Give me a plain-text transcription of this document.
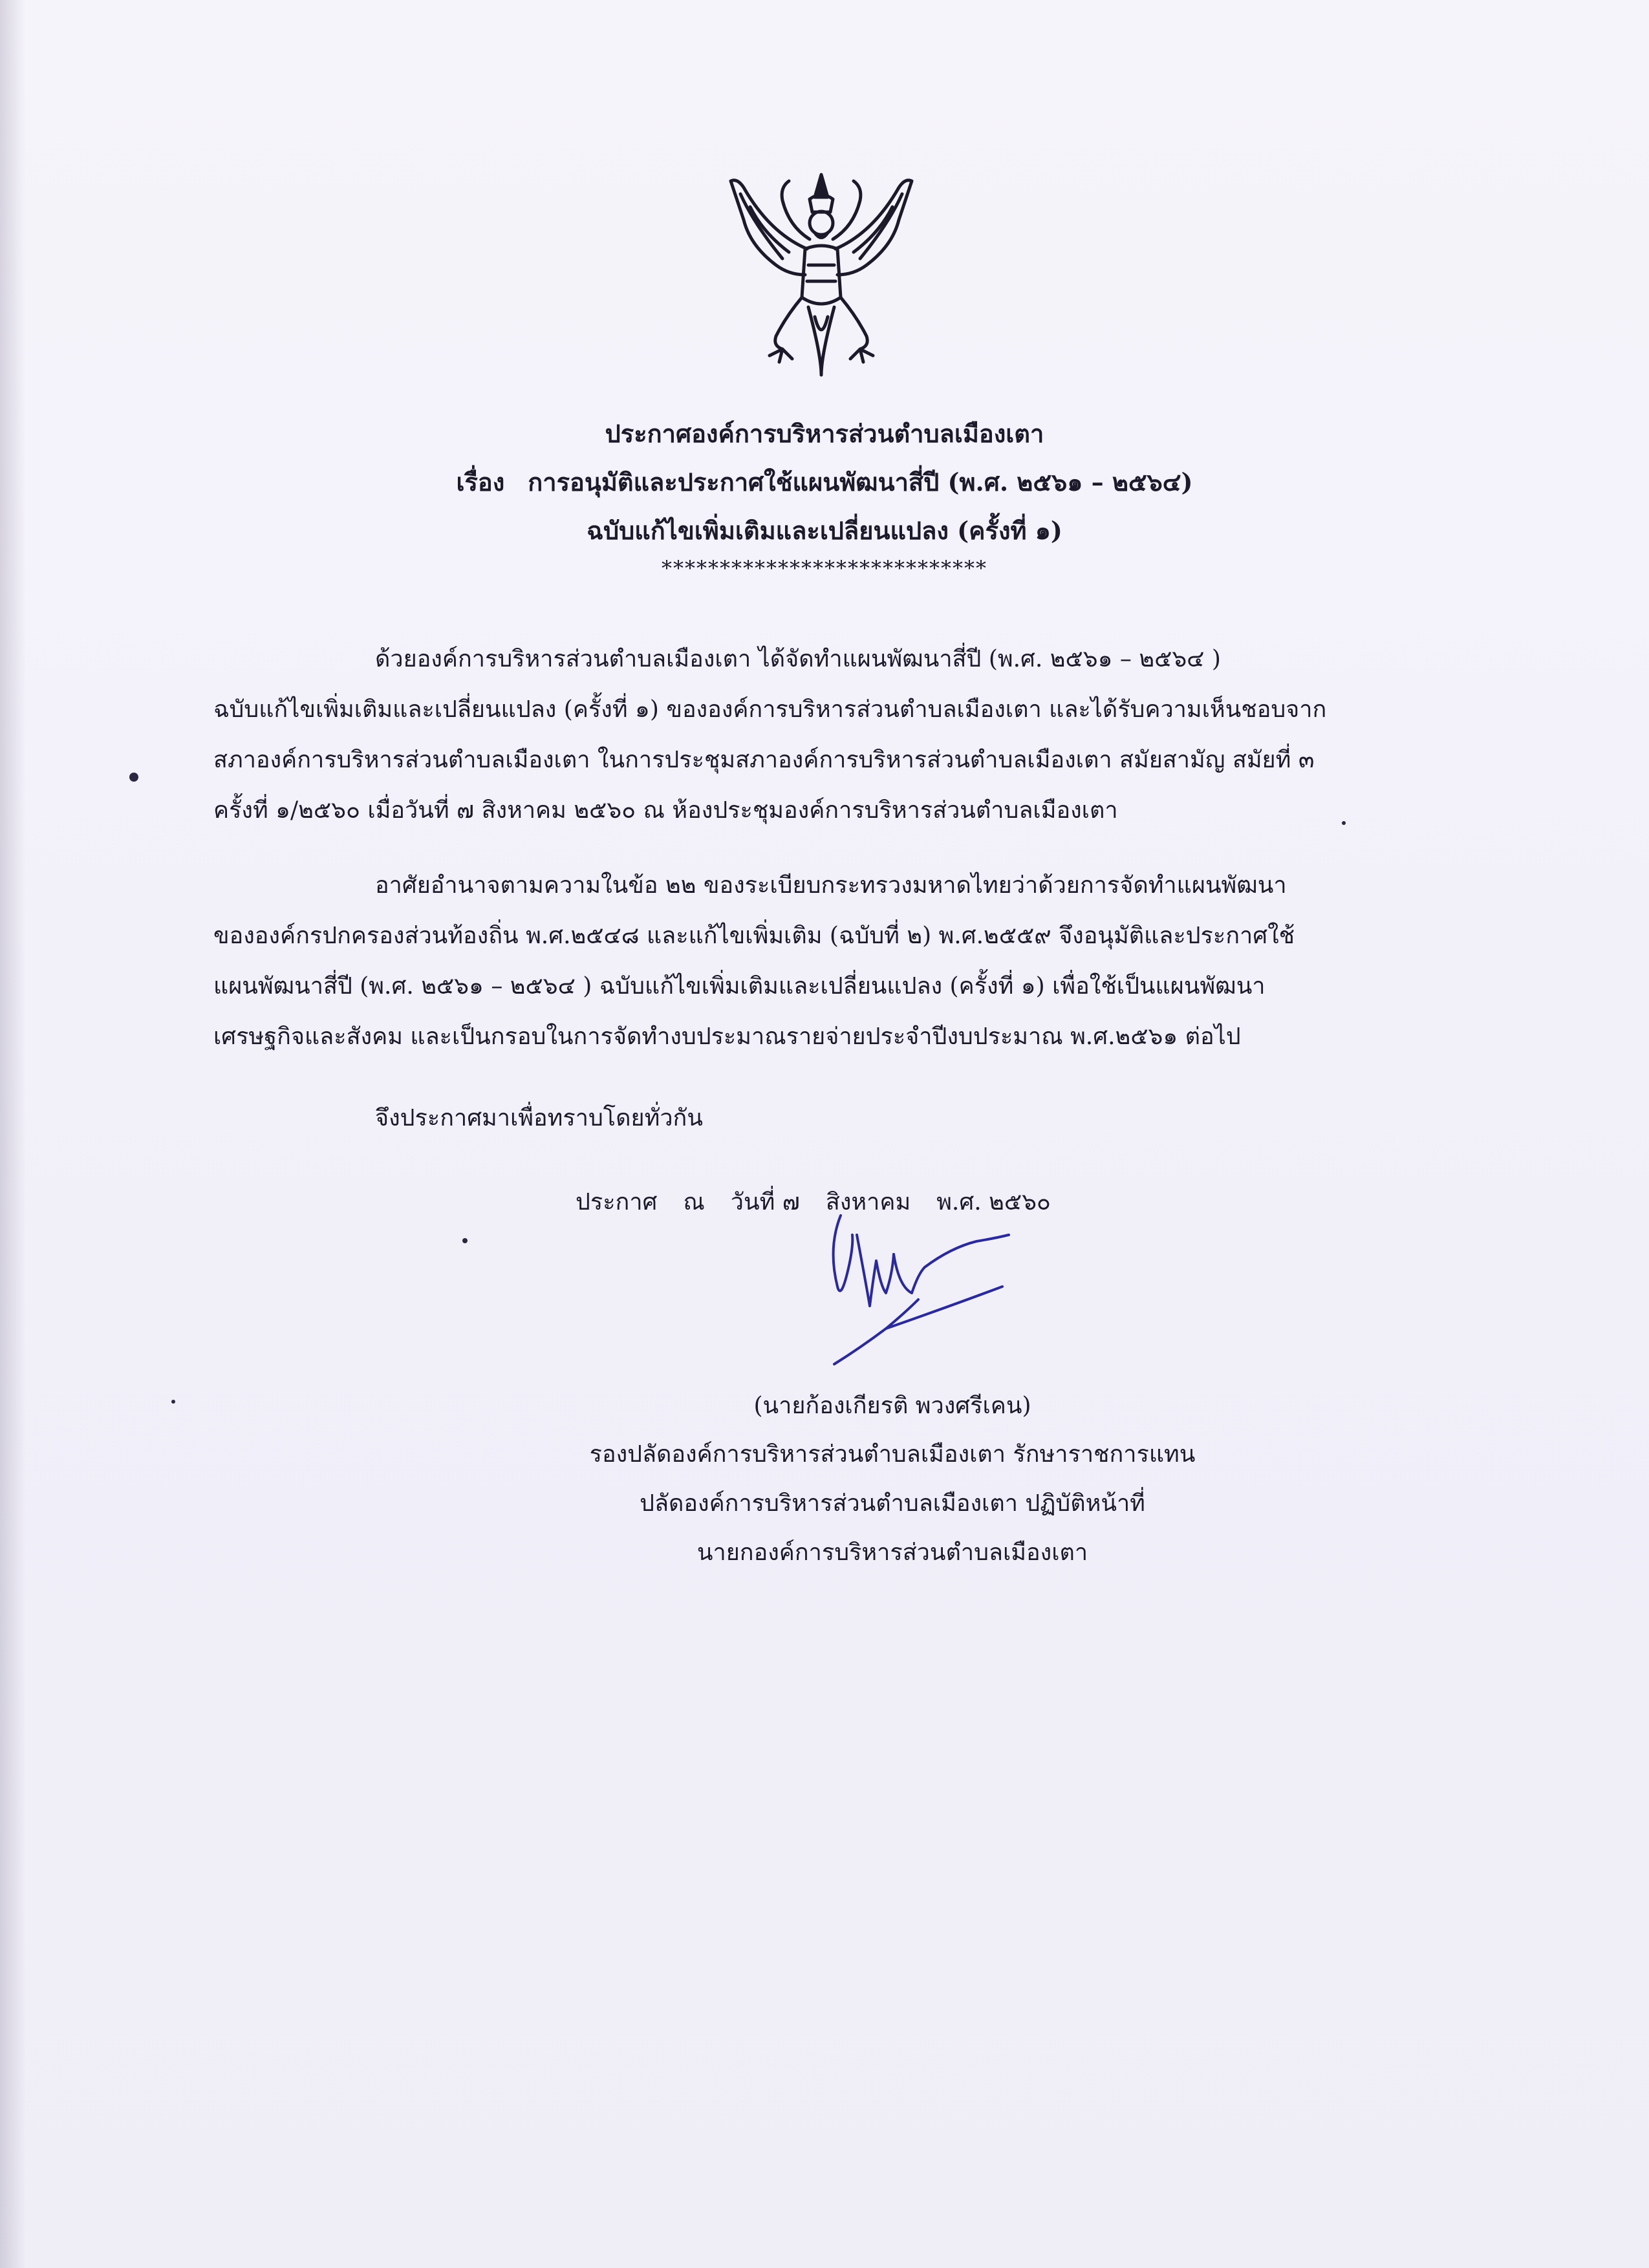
ประกาศองค์การบริหารส่วนตำบลเมืองเตา
เรื่อง การอนุมัติและประกาศใช้แผนพัฒนาสี่ปี (พ.ศ. ๒๕๖๑ – ๒๕๖๔)
ฉบับแก้ไขเพิ่มเติมและเปลี่ยนแปลง (ครั้งที่ ๑)
****************************
ด้วยองค์การบริหารส่วนตำบลเมืองเตา ได้จัดทำแผนพัฒนาสี่ปี (พ.ศ. ๒๕๖๑ – ๒๕๖๔ )
ฉบับแก้ไขเพิ่มเติมและเปลี่ยนแปลง (ครั้งที่ ๑) ขององค์การบริหารส่วนตำบลเมืองเตา และได้รับความเห็นชอบจาก
สภาองค์การบริหารส่วนตำบลเมืองเตา ในการประชุมสภาองค์การบริหารส่วนตำบลเมืองเตา สมัยสามัญ สมัยที่ ๓
ครั้งที่ ๑/๒๕๖๐ เมื่อวันที่ ๗ สิงหาคม ๒๕๖๐ ณ ห้องประชุมองค์การบริหารส่วนตำบลเมืองเตา
อาศัยอำนาจตามความในข้อ ๒๒ ของระเบียบกระทรวงมหาดไทยว่าด้วยการจัดทำแผนพัฒนา
ขององค์กรปกครองส่วนท้องถิ่น พ.ศ.๒๕๔๘ และแก้ไขเพิ่มเติม (ฉบับที่ ๒) พ.ศ.๒๕๕๙ จึงอนุมัติและประกาศใช้
แผนพัฒนาสี่ปี (พ.ศ. ๒๕๖๑ – ๒๕๖๔ ) ฉบับแก้ไขเพิ่มเติมและเปลี่ยนแปลง (ครั้งที่ ๑) เพื่อใช้เป็นแผนพัฒนา
เศรษฐกิจและสังคม และเป็นกรอบในการจัดทำงบประมาณรายจ่ายประจำปีงบประมาณ พ.ศ.๒๕๖๑ ต่อไป
จึงประกาศมาเพื่อทราบโดยทั่วกัน
ประกาศ ณ วันที่ ๗ สิงหาคม พ.ศ. ๒๕๖๐
(นายก้องเกียรติ พวงศรีเคน)
รองปลัดองค์การบริหารส่วนตำบลเมืองเตา รักษาราชการแทน
ปลัดองค์การบริหารส่วนตำบลเมืองเตา ปฏิบัติหน้าที่
นายกองค์การบริหารส่วนตำบลเมืองเตา
